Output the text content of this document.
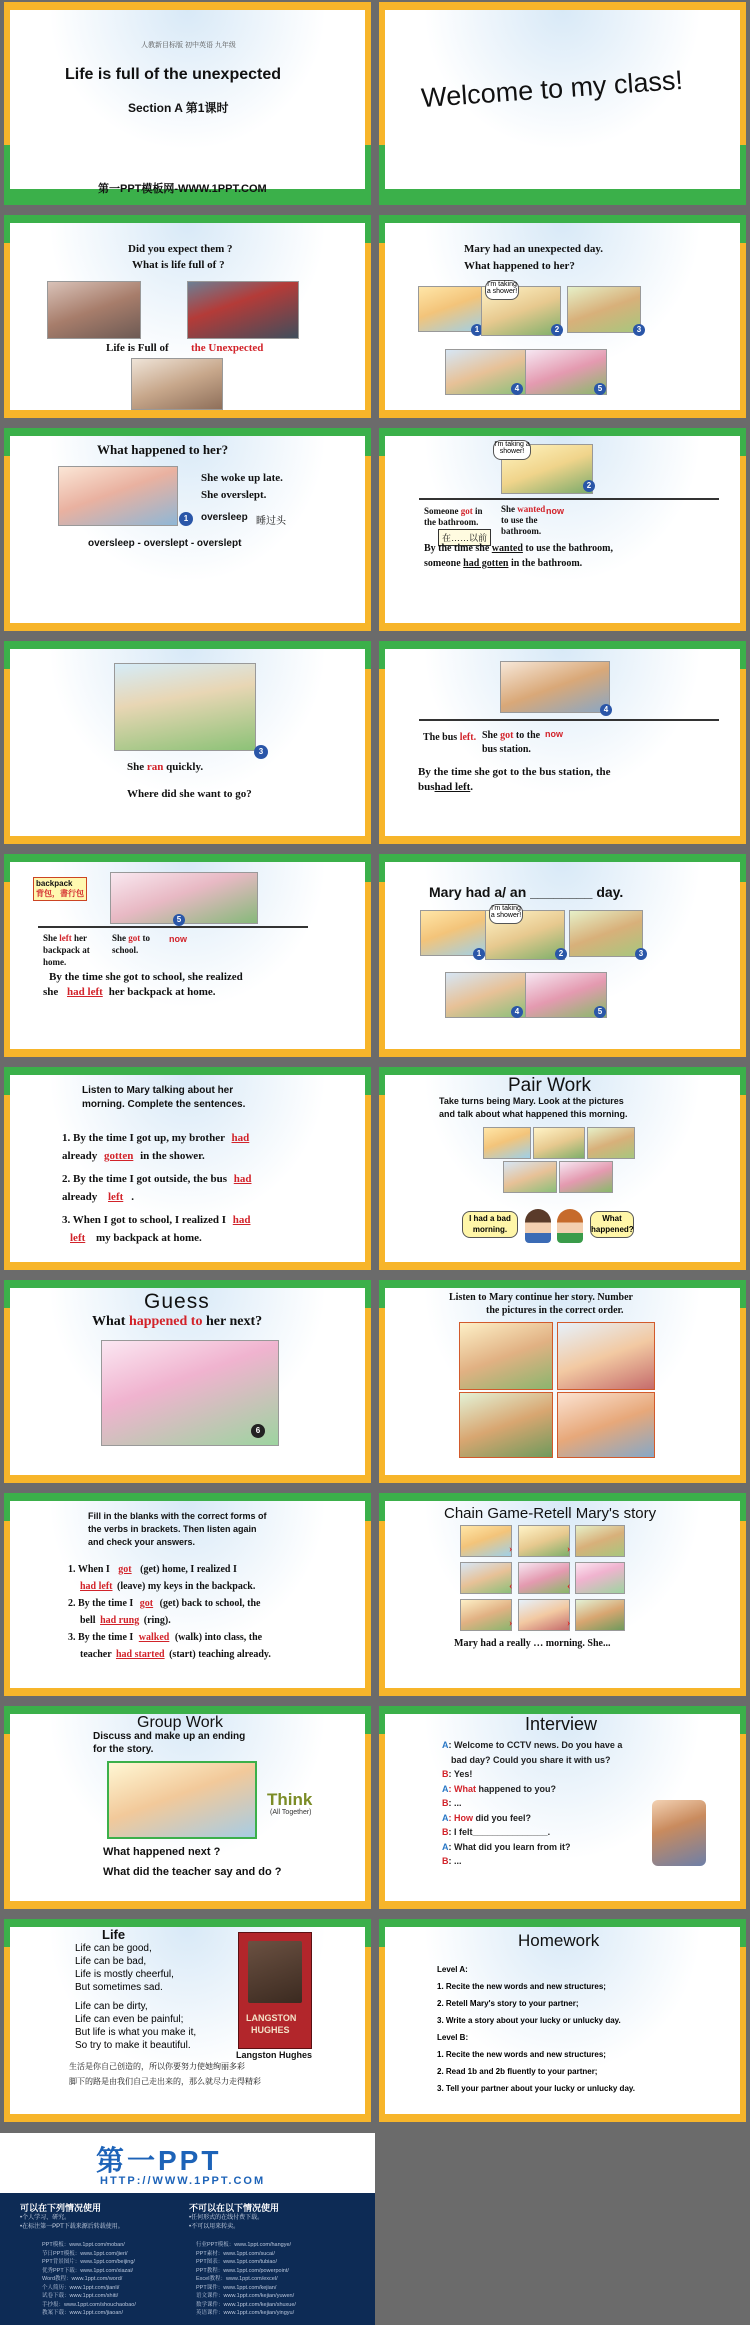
人教新目标版 初中英语 九年级
Life is full of the unexpected
Section A 第1课时
第一PPT模板网-WWW.1PPT.COM
Welcome to my class!
Did you expect them ?
What is life full of ?
Life is Full of the Unexpected
Mary had an unexpected day.
What happened to her?
1
I'm taking a shower!
2	3
4	5
What happened to her?
1
She woke up late.
She overslept.
oversleep 睡过头
oversleep - overslept - overslept
I'm taking a shower!
2
Someone got in
the bathroom.
She wanted
to use the
bathroom.
now
在……以前
By the time she wanted to use the bathroom,
someone had gotten in the bathroom.
3
She ran quickly.
Where did she want to go?
4
The bus left. She got to the
bus station.
now
By the time she got to the bus station, the
bushad left.
backpack
背包，書行包
5
She left her
backpack at
home.
She got to
school.
now
By the time she got to school, she realized
she had left her backpack at home.
Mary had a/ an ________ day.
1
I'm taking a shower!
2	3
4	5
Listen to Mary talking about her
morning. Complete the sentences.
1. By the time I got up, my brother had
already gotten in the shower.
2. By the time I got outside, the bus had
already left .
3. When I got to school, I realized I had
left my backpack at home.
Pair Work
Take turns being Mary. Look at the pictures
and talk about what happened this morning.
I had a bad morning.
What happened?
Guess
What happened to her next?
6
Listen to Mary continue her story. Number
the pictures in the correct order.
Fill in the blanks with the correct forms of
the verbs in brackets. Then listen again
and check your answers.
1. When I got (get) home, I realized I
had left (leave) my keys in the backpack.
2. By the time I got (get) back to school, the
bell had rung (ring).
3. By the time I walked (walk) into class, the
teacher had started (start) teaching already.
Chain Game-Retell Mary's story
›
‹
›
›
‹
›
Mary had a really … morning. She...
Group Work
Discuss and make up an ending
for the story.
Think
(All Together)
What happened next ?
What did the teacher say and do ?
Interview
A: Welcome to CCTV news. Do you have a
bad day? Could you share it with us?
B: Yes!
A: What happened to you?
B: ...
A: How did you feel?
B: I felt_______________.
A: What did you learn from it?
B: ...
Life
Life can be good,
Life can be bad,
Life is mostly cheerful,
But sometimes sad.
Life can be dirty,
Life can even be painful;
But life is what you make it,
So try to make it beautiful.
LANGSTON
HUGHES
Langston Hughes
生活是你自己创造的，所以你要努力使她绚丽多彩
脚下的路是由我们自己走出来的，那么就尽力走得精彩
Homework
Level A:
1. Recite the new words and new structures;
2. Retell Mary's story to your partner;
3. Write a story about your lucky or unlucky day.
Level B:
1. Recite the new words and new structures;
2. Read 1b and 2b fluently to your partner;
3. Tell your partner about your lucky or unlucky day.
第一PPT
HTTP://WWW.1PPT.COM
可以在下列情况使用
•个人学习、研究。
•在标注第一PPT下载来源后转载使用。
不可以在以下情况使用
•任何形式的在线付费下载。
•不可以用来转卖。
PPT模板：www.1ppt.com/moban/
节日PPT模板：www.1ppt.com/jieri/
PPT背景图片：www.1ppt.com/beijing/
优秀PPT下载：www.1ppt.com/xiazai/
Word教程：www.1ppt.com/word/
个人简历：www.1ppt.com/jianli/
试卷下载：www.1ppt.com/shiti/
手抄报：www.1ppt.com/shouchaobao/
教案下载：www.1ppt.com/jiaoan/
行业PPT模板：www.1ppt.com/hangye/
PPT素材：www.1ppt.com/sucai/
PPT图表：www.1ppt.com/tubiao/
PPT教程：www.1ppt.com/powerpoint/
Excel教程：www.1ppt.com/excel/
PPT课件：www.1ppt.com/kejian/
语文课件：www.1ppt.com/kejian/yuwen/
数学课件：www.1ppt.com/kejian/shuxue/
英语课件：www.1ppt.com/kejian/yingyu/
